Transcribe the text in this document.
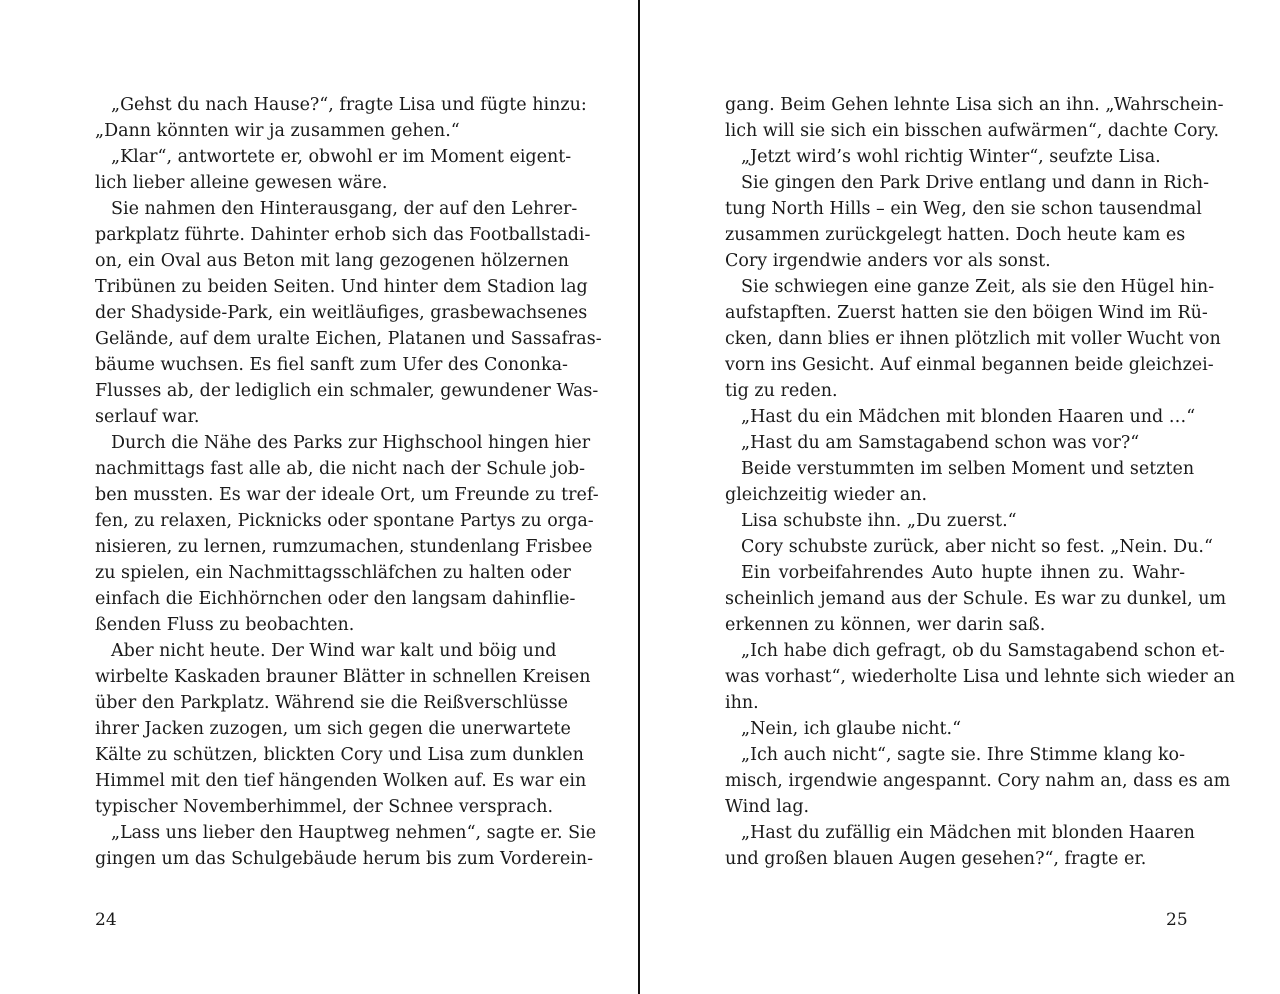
„Gehst du nach Hause?“, fragte Lisa und fügte hinzu:
„Dann könnten wir ja zusammen gehen.“
„Klar“, antwortete er, obwohl er im Moment eigent-
lich lieber alleine gewesen wäre.
Sie nahmen den Hinterausgang, der auf den Lehrer-
parkplatz führte. Dahinter erhob sich das Footballstadi-
on, ein Oval aus Beton mit lang gezogenen hölzernen
Tribünen zu beiden Seiten. Und hinter dem Stadion lag
der Shadyside-Park, ein weitläufiges, grasbewachsenes
Gelände, auf dem uralte Eichen, Platanen und Sassafras-
bäume wuchsen. Es fiel sanft zum Ufer des Cononka-
Flusses ab, der lediglich ein schmaler, gewundener Was-
serlauf war.
Durch die Nähe des Parks zur Highschool hingen hier
nachmittags fast alle ab, die nicht nach der Schule job-
ben mussten. Es war der ideale Ort, um Freunde zu tref-
fen, zu relaxen, Picknicks oder spontane Partys zu orga-
nisieren, zu lernen, rumzumachen, stundenlang Frisbee
zu spielen, ein Nachmittagsschläfchen zu halten oder
einfach die Eichhörnchen oder den langsam dahinflie-
ßenden Fluss zu beobachten.
Aber nicht heute. Der Wind war kalt und böig und
wirbelte Kaskaden brauner Blätter in schnellen Kreisen
über den Parkplatz. Während sie die Reißverschlüsse
ihrer Jacken zuzogen, um sich gegen die unerwartete
Kälte zu schützen, blickten Cory und Lisa zum dunklen
Himmel mit den tief hängenden Wolken auf. Es war ein
typischer Novemberhimmel, der Schnee versprach.
„Lass uns lieber den Hauptweg nehmen“, sagte er. Sie
gingen um das Schulgebäude herum bis zum Vorderein-
24
gang. Beim Gehen lehnte Lisa sich an ihn. „Wahrschein-
lich will sie sich ein bisschen aufwärmen“, dachte Cory.
„Jetzt wird’s wohl richtig Winter“, seufzte Lisa.
Sie gingen den Park Drive entlang und dann in Rich-
tung North Hills – ein Weg, den sie schon tausendmal
zusammen zurückgelegt hatten. Doch heute kam es
Cory irgendwie anders vor als sonst.
Sie schwiegen eine ganze Zeit, als sie den Hügel hin-
aufstapften. Zuerst hatten sie den böigen Wind im Rü-
cken, dann blies er ihnen plötzlich mit voller Wucht von
vorn ins Gesicht. Auf einmal begannen beide gleichzei-
tig zu reden.
„Hast du ein Mädchen mit blonden Haaren und …“
„Hast du am Samstagabend schon was vor?“
Beide verstummten im selben Moment und setzten
gleichzeitig wieder an.
Lisa schubste ihn. „Du zuerst.“
Cory schubste zurück, aber nicht so fest. „Nein. Du.“
Ein vorbeifahrendes Auto hupte ihnen zu. Wahr-
scheinlich jemand aus der Schule. Es war zu dunkel, um
erkennen zu können, wer darin saß.
„Ich habe dich gefragt, ob du Samstagabend schon et-
was vorhast“, wiederholte Lisa und lehnte sich wieder an
ihn.
„Nein, ich glaube nicht.“
„Ich auch nicht“, sagte sie. Ihre Stimme klang ko-
misch, irgendwie angespannt. Cory nahm an, dass es am
Wind lag.
„Hast du zufällig ein Mädchen mit blonden Haaren
und großen blauen Augen gesehen?“, fragte er.
25
